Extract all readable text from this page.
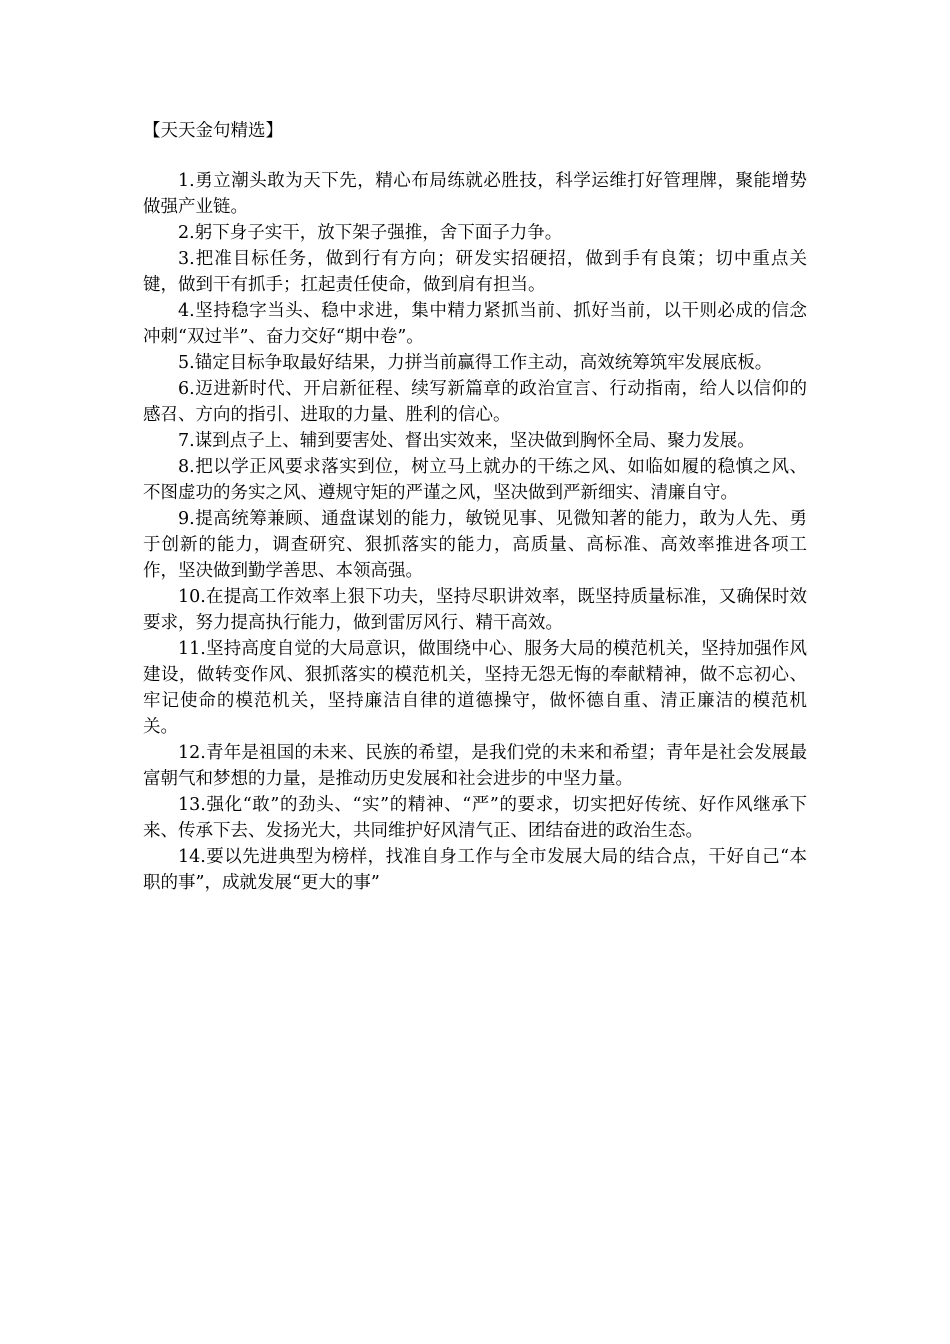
【天天金句精选】

1.勇立潮头敢为天下先，精心布局练就必胜技，科学运维打好管理牌，聚能增势做强产业链。

2.躬下身子实干，放下架子强推，舍下面子力争。

3.把准目标任务，做到行有方向；研发实招硬招，做到手有良策；切中重点关键，做到干有抓手；扛起责任使命，做到肩有担当。

4.坚持稳字当头、稳中求进，集中精力紧抓当前、抓好当前，以干则必成的信念冲刺“双过半”、奋力交好“期中卷”。

5.锚定目标争取最好结果，力拼当前赢得工作主动，高效统筹筑牢发展底板。

6.迈进新时代、开启新征程、续写新篇章的政治宣言、行动指南，给人以信仰的感召、方向的指引、进取的力量、胜利的信心。

7.谋到点子上、辅到要害处、督出实效来，坚决做到胸怀全局、聚力发展。

8.把以学正风要求落实到位，树立马上就办的干练之风、如临如履的稳慎之风、不图虚功的务实之风、遵规守矩的严谨之风，坚决做到严新细实、清廉自守。

9.提高统筹兼顾、通盘谋划的能力，敏锐见事、见微知著的能力，敢为人先、勇于创新的能力，调查研究、狠抓落实的能力，高质量、高标准、高效率推进各项工作，坚决做到勤学善思、本领高强。

10.在提高工作效率上狠下功夫，坚持尽职讲效率，既坚持质量标准，又确保时效要求，努力提高执行能力，做到雷厉风行、精干高效。

11.坚持高度自觉的大局意识，做围绕中心、服务大局的模范机关，坚持加强作风建设，做转变作风、狠抓落实的模范机关，坚持无怨无悔的奉献精神，做不忘初心、牢记使命的模范机关，坚持廉洁自律的道德操守，做怀德自重、清正廉洁的模范机关。

12.青年是祖国的未来、民族的希望，是我们党的未来和希望；青年是社会发展最富朝气和梦想的力量，是推动历史发展和社会进步的中坚力量。

13.强化“敢”的劲头、“实”的精神、“严”的要求，切实把好传统、好作风继承下来、传承下去、发扬光大，共同维护好风清气正、团结奋进的政治生态。

14.要以先进典型为榜样，找准自身工作与全市发展大局的结合点，干好自己“本职的事”，成就发展“更大的事”
